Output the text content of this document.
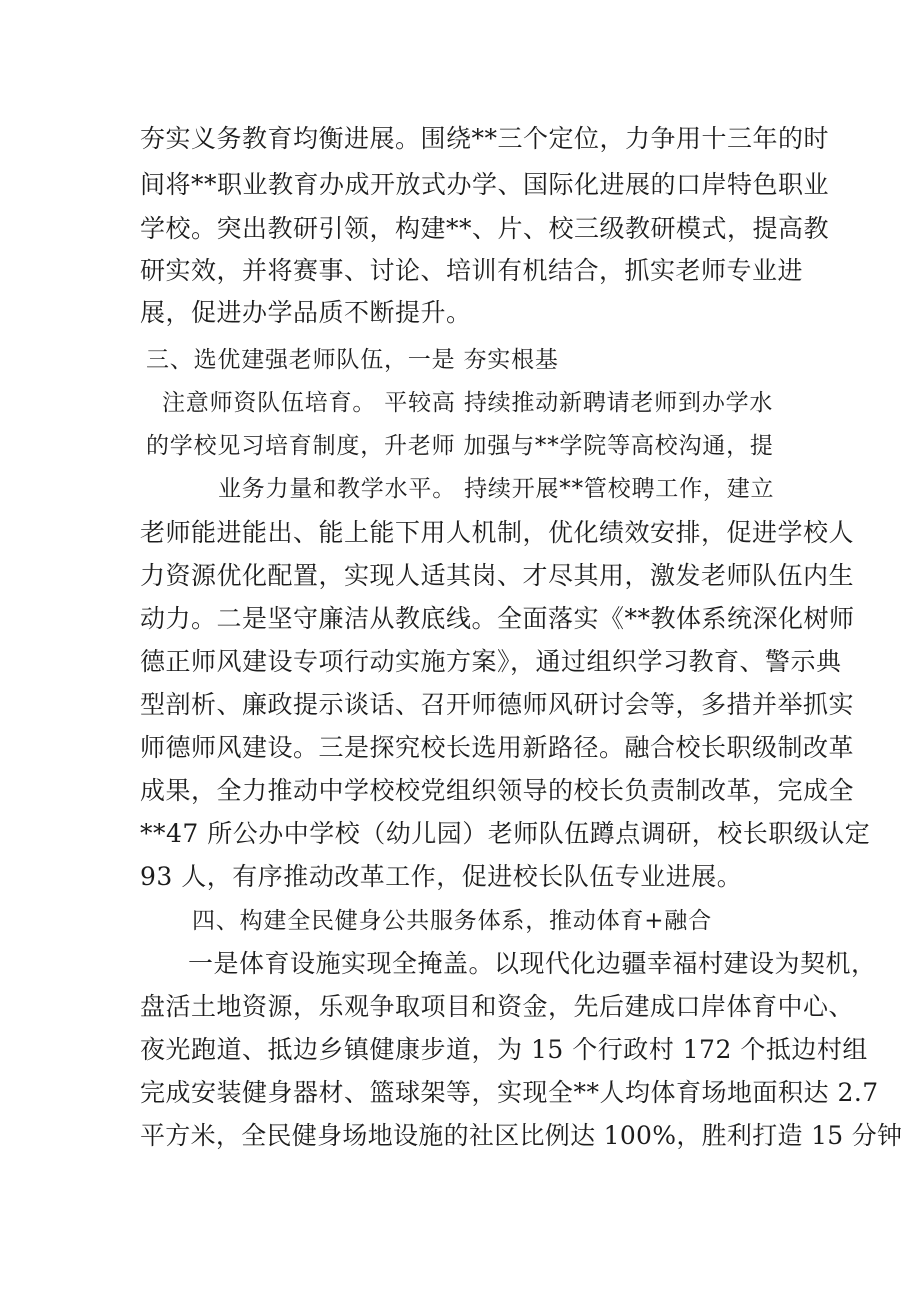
夯实义务教育均衡进展。围绕**三个定位，力争用十三年的时
间将**职业教育办成开放式办学、国际化进展的口岸特色职业
学校。突出教研引领，构建**、片、校三级教研模式，提高教
研实效，并将赛事、讨论、培训有机结合，抓实老师专业进
展，促进办学品质不断提升。
三、选优建强老师队伍，一是 夯实根基
注意师资队伍培育。 平较高 持续推动新聘请老师到办学水
的学校见习培育制度，升老师 加强与**学院等高校沟通，提
业务力量和教学水平。 持续开展**管校聘工作，建立
老师能进能出、能上能下用人机制，优化绩效安排，促进学校人
力资源优化配置，实现人适其岗、才尽其用，激发老师队伍内生
动力。二是坚守廉洁从教底线。全面落实《**教体系统深化树师
德正师风建设专项行动实施方案》，通过组织学习教育、警示典
型剖析、廉政提示谈话、召开师德师风研讨会等，多措并举抓实
师德师风建设。三是探究校长选用新路径。融合校长职级制改革
成果，全力推动中学校校党组织领导的校长负责制改革，完成全
**47 所公办中学校（幼儿园）老师队伍蹲点调研，校长职级认定
93 人，有序推动改革工作，促进校长队伍专业进展。
四、构建全民健身公共服务体系，推动体育+融合
一是体育设施实现全掩盖。以现代化边疆幸福村建设为契机，
盘活土地资源，乐观争取项目和资金，先后建成口岸体育中心、
夜光跑道、抵边乡镇健康步道，为 15 个行政村 172 个抵边村组
完成安装健身器材、篮球架等，实现全**人均体育场地面积达 2.7
平方米，全民健身场地设施的社区比例达 100%，胜利打造 15 分钟
